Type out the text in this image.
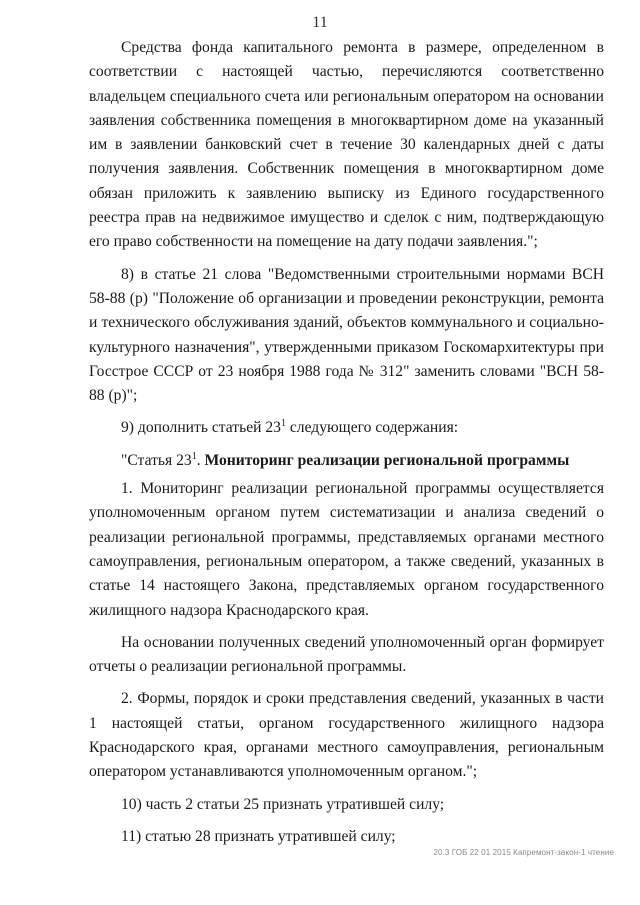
11

Средства фонда капитального ремонта в размере, определенном в соответствии с настоящей частью, перечисляются соответственно владельцем специального счета или региональным оператором на основании заявления собственника помещения в многоквартирном доме на указанный им в заявлении банковский счет в течение 30 календарных дней с даты получения заявления. Собственник помещения в многоквартирном доме обязан приложить к заявлению выписку из Единого государственного реестра прав на недвижимое имущество и сделок с ним, подтверждающую его право собственности на помещение на дату подачи заявления.";

8) в статье 21 слова "Ведомственными строительными нормами ВСН 58-88 (р) "Положение об организации и проведении реконструкции, ремонта и технического обслуживания зданий, объектов коммунального и социально-культурного назначения", утвержденными приказом Госкомархитектуры при Госстрое СССР от 23 ноября 1988 года № 312" заменить словами "ВСН 58-88 (р)";

9) дополнить статьей $23^1$ следующего содержания:

"Статья $23^1$. Мониторинг реализации региональной программы

1. Мониторинг реализации региональной программы осуществляется уполномоченным органом путем систематизации и анализа сведений о реализации региональной программы, представляемых органами местного самоуправления, региональным оператором, а также сведений, указанных в статье 14 настоящего Закона, представляемых органом государственного жилищного надзора Краснодарского края.

На основании полученных сведений уполномоченный орган формирует отчеты о реализации региональной программы.

2. Формы, порядок и сроки представления сведений, указанных в части 1 настоящей статьи, органом государственного жилищного надзора Краснодарского края, органами местного самоуправления, региональным оператором устанавливаются уполномоченным органом.";

10) часть 2 статьи 25 признать утратившей силу;

11) статью 28 признать утратившей силу;

20.3 ГОБ 22 01 2015 Капремонт-закон-1 чтение
